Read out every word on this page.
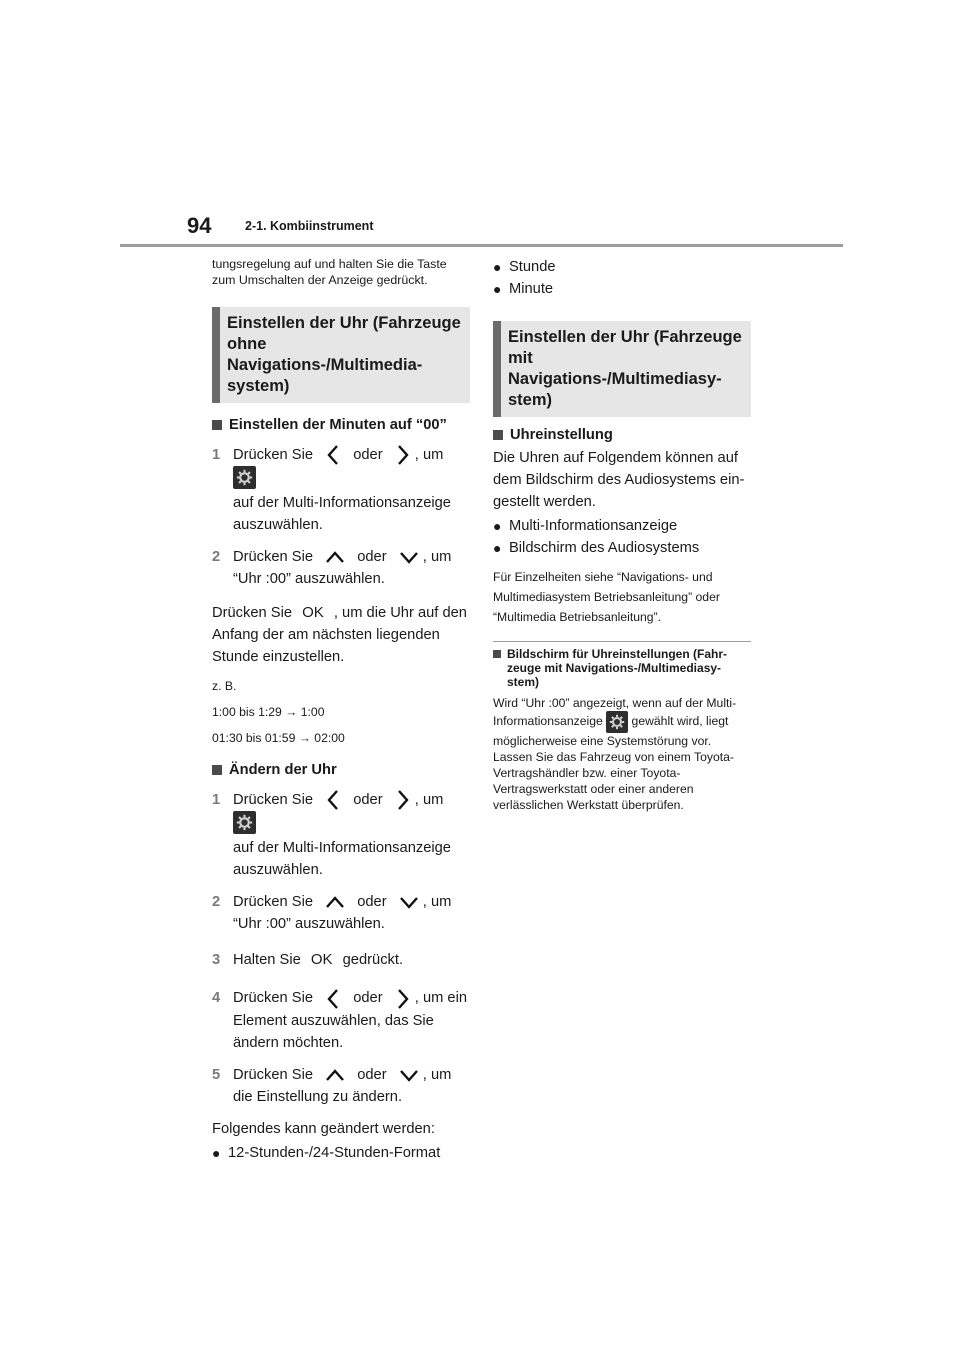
94	2-1. Kombiinstrument

tungsregelung auf und halten Sie die Taste zum Umschalten der Anzeige gedrückt.

Einstellen der Uhr (Fahrzeuge
ohne Navigations-/Multimedia-
system)
Einstellen der Minuten auf “00”
1 Drücken Sie	oder , um
auf der Multi-Informationsanzeige auszuwählen.
2 Drücken Sie	oder , um “Uhr :00” auszuwählen.

Drücken Sie OK , um die Uhr auf den Anfang der am nächsten liegenden Stunde einzustellen.

z. B.

1:00 bis 1:29 → 1:00

01:30 bis 01:59 → 02:00

Ändern der Uhr
1 Drücken Sie	oder , um
auf der Multi-Informationsanzeige auszuwählen.
2 Drücken Sie	oder , um “Uhr :00” auszuwählen.
3 Halten Sie OK gedrückt.
4 Drücken Sie	oder , um ein Element auszuwählen, das Sie ändern möchten.
5 Drücken Sie	oder , um die Einstellung zu ändern.

Folgendes kann geändert werden:

● 12-Stunden-/24-Stunden-Format
● Stunde
● Minute
Einstellen der Uhr (Fahrzeuge
mit Navigations-/Multimediasy-
stem)
Uhreinstellung

Die Uhren auf Folgendem können auf dem Bildschirm des Audiosystems ein-gestellt werden.

● Multi-Informationsanzeige
● Bildschirm des Audiosystems

Für Einzelheiten siehe “Navigations- und Multimediasystem Betriebsanleitung” oder “Multimedia Betriebsanleitung”.

Bildschirm für Uhreinstellungen (Fahr-zeuge mit Navigations-/Multimediasy-stem)

Wird “Uhr :00” angezeigt, wenn auf der Multi-Informationsanzeige gewählt wird, liegt möglicherweise eine Systemstörung vor. Lassen Sie das Fahrzeug von einem Toyota-Vertragshändler bzw. einer Toyota-Vertragswerkstatt oder einer anderen verlässlichen Werkstatt überprüfen.
